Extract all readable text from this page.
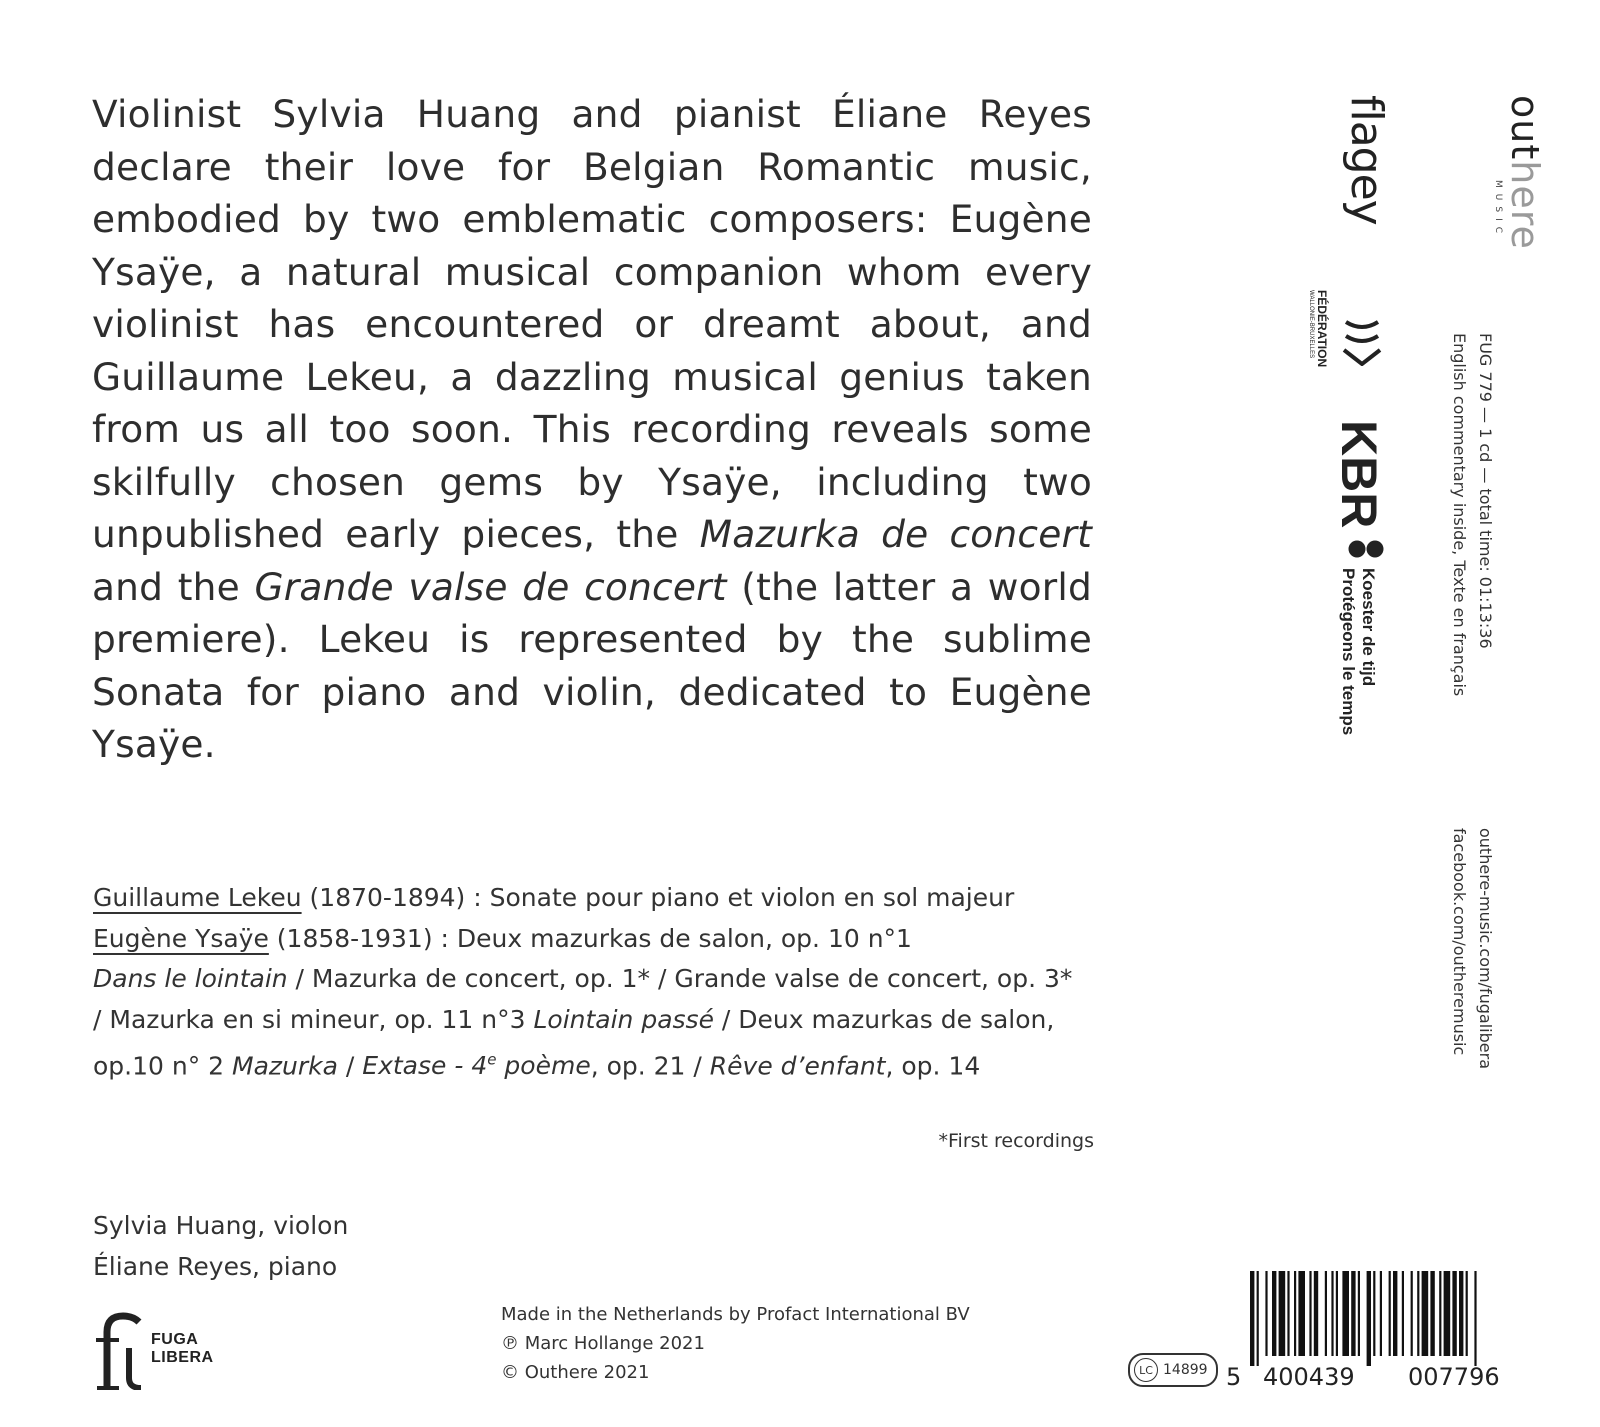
Violinist Sylvia Huang and pianist Éliane Reyes declare their love for Belgian Romantic music, embodied by two emblematic composers: Eugène Ysaÿe, a natural musical companion whom every violinist has encountered or dreamt about, and Guillaume Lekeu, a dazzling musical genius taken from us all too soon. This recording reveals some skilfully chosen gems by Ysaÿe, including two unpublished early pieces, the Mazurka de concert and the Grande valse de concert (the latter a world premiere). Lekeu is represented by the sublime Sonata for piano and violin, dedicated to Eugène Ysaÿe.

Guillaume Lekeu (1870-1894) : Sonate pour piano et violon en sol majeur

Eugène Ysaÿe (1858-1931) : Deux mazurkas de salon, op. 10 n°1
Dans le lointain / Mazurka de concert, op. 1* / Grande valse de concert, op. 3* / Mazurka en si mineur, op. 11 n°3 Lointain passé / Deux mazurkas de salon, op.10 n° 2 Mazurka / Extase - 4e poème, op. 21 / Rêve d’enfant, op. 14

*First recordings
Sylvia Huang, violon
Éliane Reyes, piano
Made in the Netherlands by Profact International BV
℗ Marc Hollange 2021
© Outhere 2021
FUGA
LIBERA
LC 14899 5 400439 007796
outhere
MUSIC
flagey
FÉDÉRATION
WALLONIE-BRUXELLES
KBR
Koester de tijd
Protégeons le temps
FUG 779 — 1 cd — total time: 01:13:36
English commentary inside, Texte en français
outhere-music.com/fugalibera
facebook.com/outheremusic
